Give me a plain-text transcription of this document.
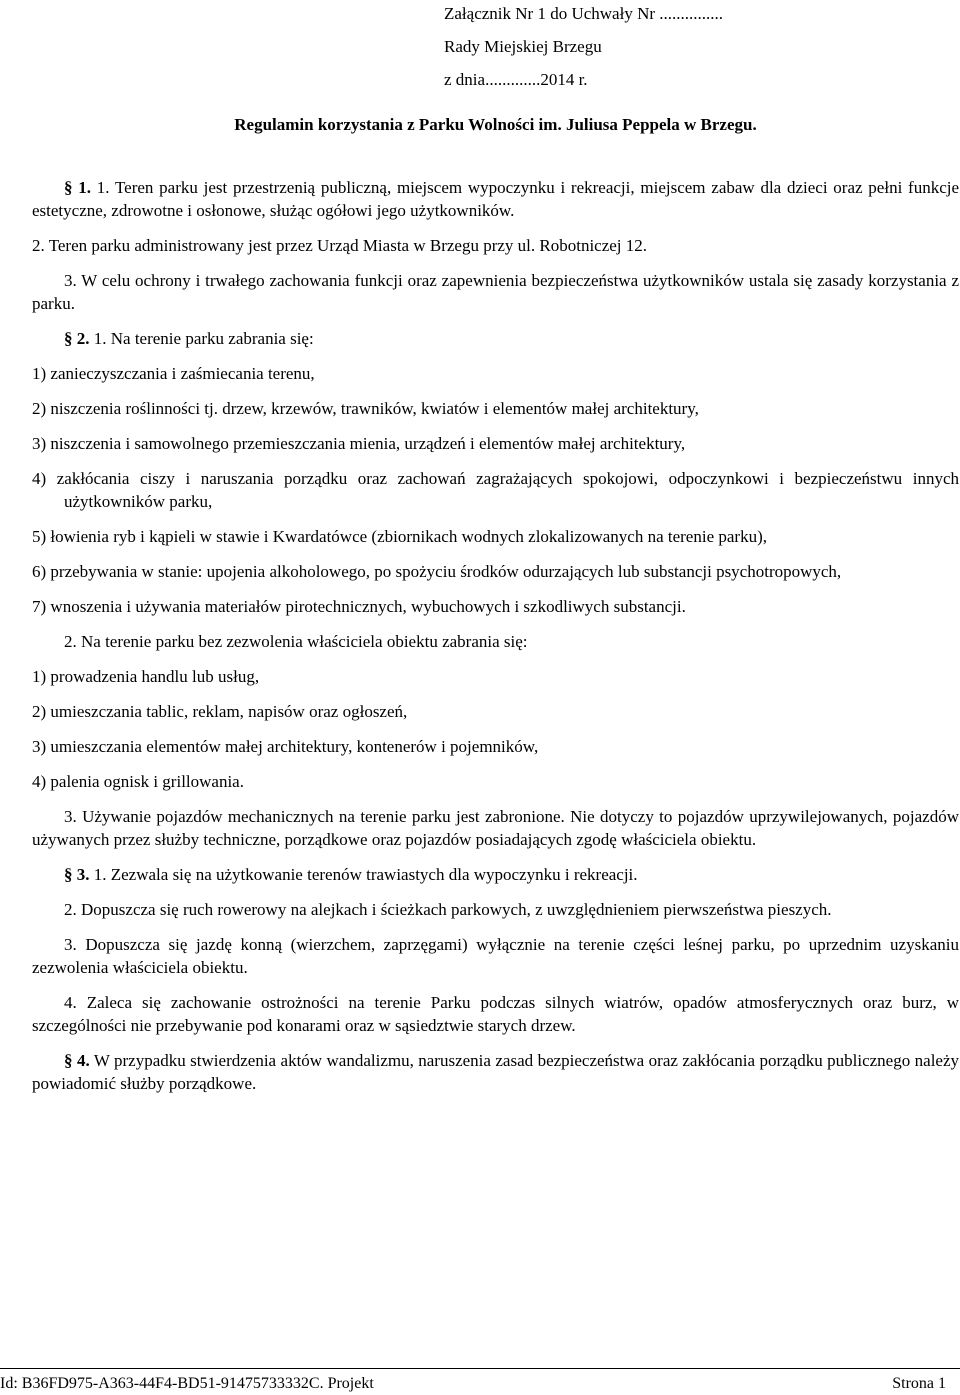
Załącznik Nr 1 do Uchwały Nr ...............
Rady Miejskiej Brzegu
z dnia.............2014 r.
Regulamin korzystania z Parku Wolności im. Juliusa Peppela w Brzegu.
§ 1. 1. Teren parku jest przestrzenią publiczną, miejscem wypoczynku i rekreacji, miejscem zabaw dla dzieci oraz pełni funkcje estetyczne, zdrowotne i osłonowe, służąc ogółowi jego użytkowników.
2. Teren parku administrowany jest przez Urząd Miasta w Brzegu przy ul. Robotniczej 12.
3. W celu ochrony i trwałego zachowania funkcji oraz zapewnienia bezpieczeństwa użytkowników ustala się zasady korzystania z parku.
§ 2. 1. Na terenie parku zabrania się:
1) zanieczyszczania i zaśmiecania terenu,
2) niszczenia roślinności tj. drzew, krzewów, trawników, kwiatów i elementów małej architektury,
3) niszczenia i samowolnego przemieszczania mienia, urządzeń i elementów małej architektury,
4) zakłócania ciszy i naruszania porządku oraz zachowań zagrażających spokojowi, odpoczynkowi i bezpieczeństwu innych użytkowników parku,
5) łowienia ryb i kąpieli w stawie i Kwardatówce (zbiornikach wodnych zlokalizowanych na terenie parku),
6) przebywania w stanie: upojenia alkoholowego, po spożyciu środków odurzających lub substancji psychotropowych,
7) wnoszenia i używania materiałów pirotechnicznych, wybuchowych i szkodliwych substancji.
2. Na terenie parku bez zezwolenia właściciela obiektu zabrania się:
1) prowadzenia handlu lub usług,
2) umieszczania tablic, reklam, napisów oraz ogłoszeń,
3) umieszczania elementów małej architektury, kontenerów i pojemników,
4) palenia ognisk i grillowania.
3. Używanie pojazdów mechanicznych na terenie parku jest zabronione. Nie dotyczy to pojazdów uprzywilejowanych, pojazdów używanych przez służby techniczne, porządkowe oraz pojazdów posiadających zgodę właściciela obiektu.
§ 3. 1. Zezwala się na użytkowanie terenów trawiastych dla wypoczynku i rekreacji.
2. Dopuszcza się ruch rowerowy na alejkach i ścieżkach parkowych, z uwzględnieniem pierwszeństwa pieszych.
3. Dopuszcza się jazdę konną (wierzchem, zaprzęgami) wyłącznie na terenie części leśnej parku, po uprzednim uzyskaniu zezwolenia właściciela obiektu.
4. Zaleca się zachowanie ostrożności na terenie Parku podczas silnych wiatrów, opadów atmosferycznych oraz burz, w szczególności nie przebywanie pod konarami oraz w sąsiedztwie starych drzew.
§ 4. W przypadku stwierdzenia aktów wandalizmu, naruszenia zasad bezpieczeństwa oraz zakłócania porządku publicznego należy powiadomić służby porządkowe.
Id: B36FD975-A363-44F4-BD51-91475733332C. Projekt	Strona 1
